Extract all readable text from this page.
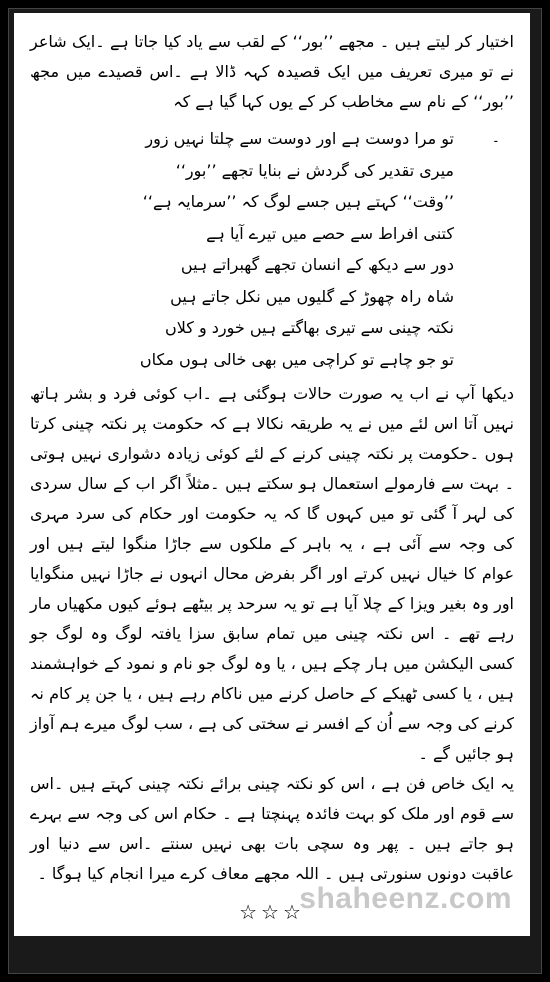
اختیار کر لیتے ہیں ۔ مجھے ’’بور‘‘ کے لقب سے یاد کیا جاتا ہے ۔ایک شاعر نے تو میری تعریف میں ایک قصیدہ کہہ ڈالا ہے ۔اس قصیدے میں مجھ ’’بور‘‘ کے نام سے مخاطب کر کے یوں کہا گیا ہے کہ

۔
تو مرا دوست ہے اور دوست سے چلتا نہیں زور

میری تقدیر کی گردش نے بنایا تجھے ’’بور‘‘

’’وقت‘‘ کہتے ہیں جسے لوگ کہ ’’سرمایہ ہے‘‘

کتنی افراط سے حصے میں تیرے آیا ہے

دور سے دیکھ کے انسان تجھے گھبراتے ہیں

شاہ راہ چھوڑ کے گلیوں میں نکل جاتے ہیں

نکتہ چینی سے تیری بھاگتے ہیں خورد و کلاں

تو جو چاہے تو کراچی میں بھی خالی ہوں مکاں

دیکھا آپ نے اب یہ صورت حالات ہوگئی ہے ۔اب کوئی فرد و بشر ہاتھ نہیں آتا اس لئے میں نے یہ طریقہ نکالا ہے کہ حکومت پر نکتہ چینی کرتا ہوں ۔حکومت پر نکتہ چینی کرنے کے لئے کوئی زیادہ دشواری نہیں ہوتی ۔ بہت سے فارمولے استعمال ہو سکتے ہیں ۔مثلاً اگر اب کے سال سردی کی لہر آ گئی تو میں کہوں گا کہ یہ حکومت اور حکام کی سرد مہری کی وجہ سے آئی ہے ، یہ باہر کے ملکوں سے جاڑا منگوا لیتے ہیں اور عوام کا خیال نہیں کرتے اور اگر بفرض محال انہوں نے جاڑا نہیں منگوایا اور وہ بغیر ویزا کے چلا آیا ہے تو یہ سرحد پر بیٹھے ہوئے کیوں مکھیاں مار رہے تھے ۔ اس نکتہ چینی میں تمام سابق سزا یافتہ لوگ وہ لوگ جو کسی الیکشن میں ہار چکے ہیں ، یا وہ لوگ جو نام و نمود کے خواہشمند ہیں ، یا کسی ٹھیکے کے حاصل کرنے میں ناکام رہے ہیں ، یا جن پر کام نہ کرنے کی وجہ سے اُن کے افسر نے سختی کی ہے ، سب لوگ میرے ہم آواز ہو جائیں گے ۔

یہ ایک خاص فن ہے ، اس کو نکتہ چینی برائے نکتہ چینی کہتے ہیں ۔اس سے قوم اور ملک کو بہت فائدہ پہنچتا ہے ۔ حکام اس کی وجہ سے بہرے ہو جاتے ہیں ۔ پھر وہ سچی بات بھی نہیں سنتے ۔اس سے دنیا اور عاقبت دونوں سنورتی ہیں ۔ اللہ مجھے معاف کرے میرا انجام کیا ہوگا ۔

☆☆☆
shaheenz.com
